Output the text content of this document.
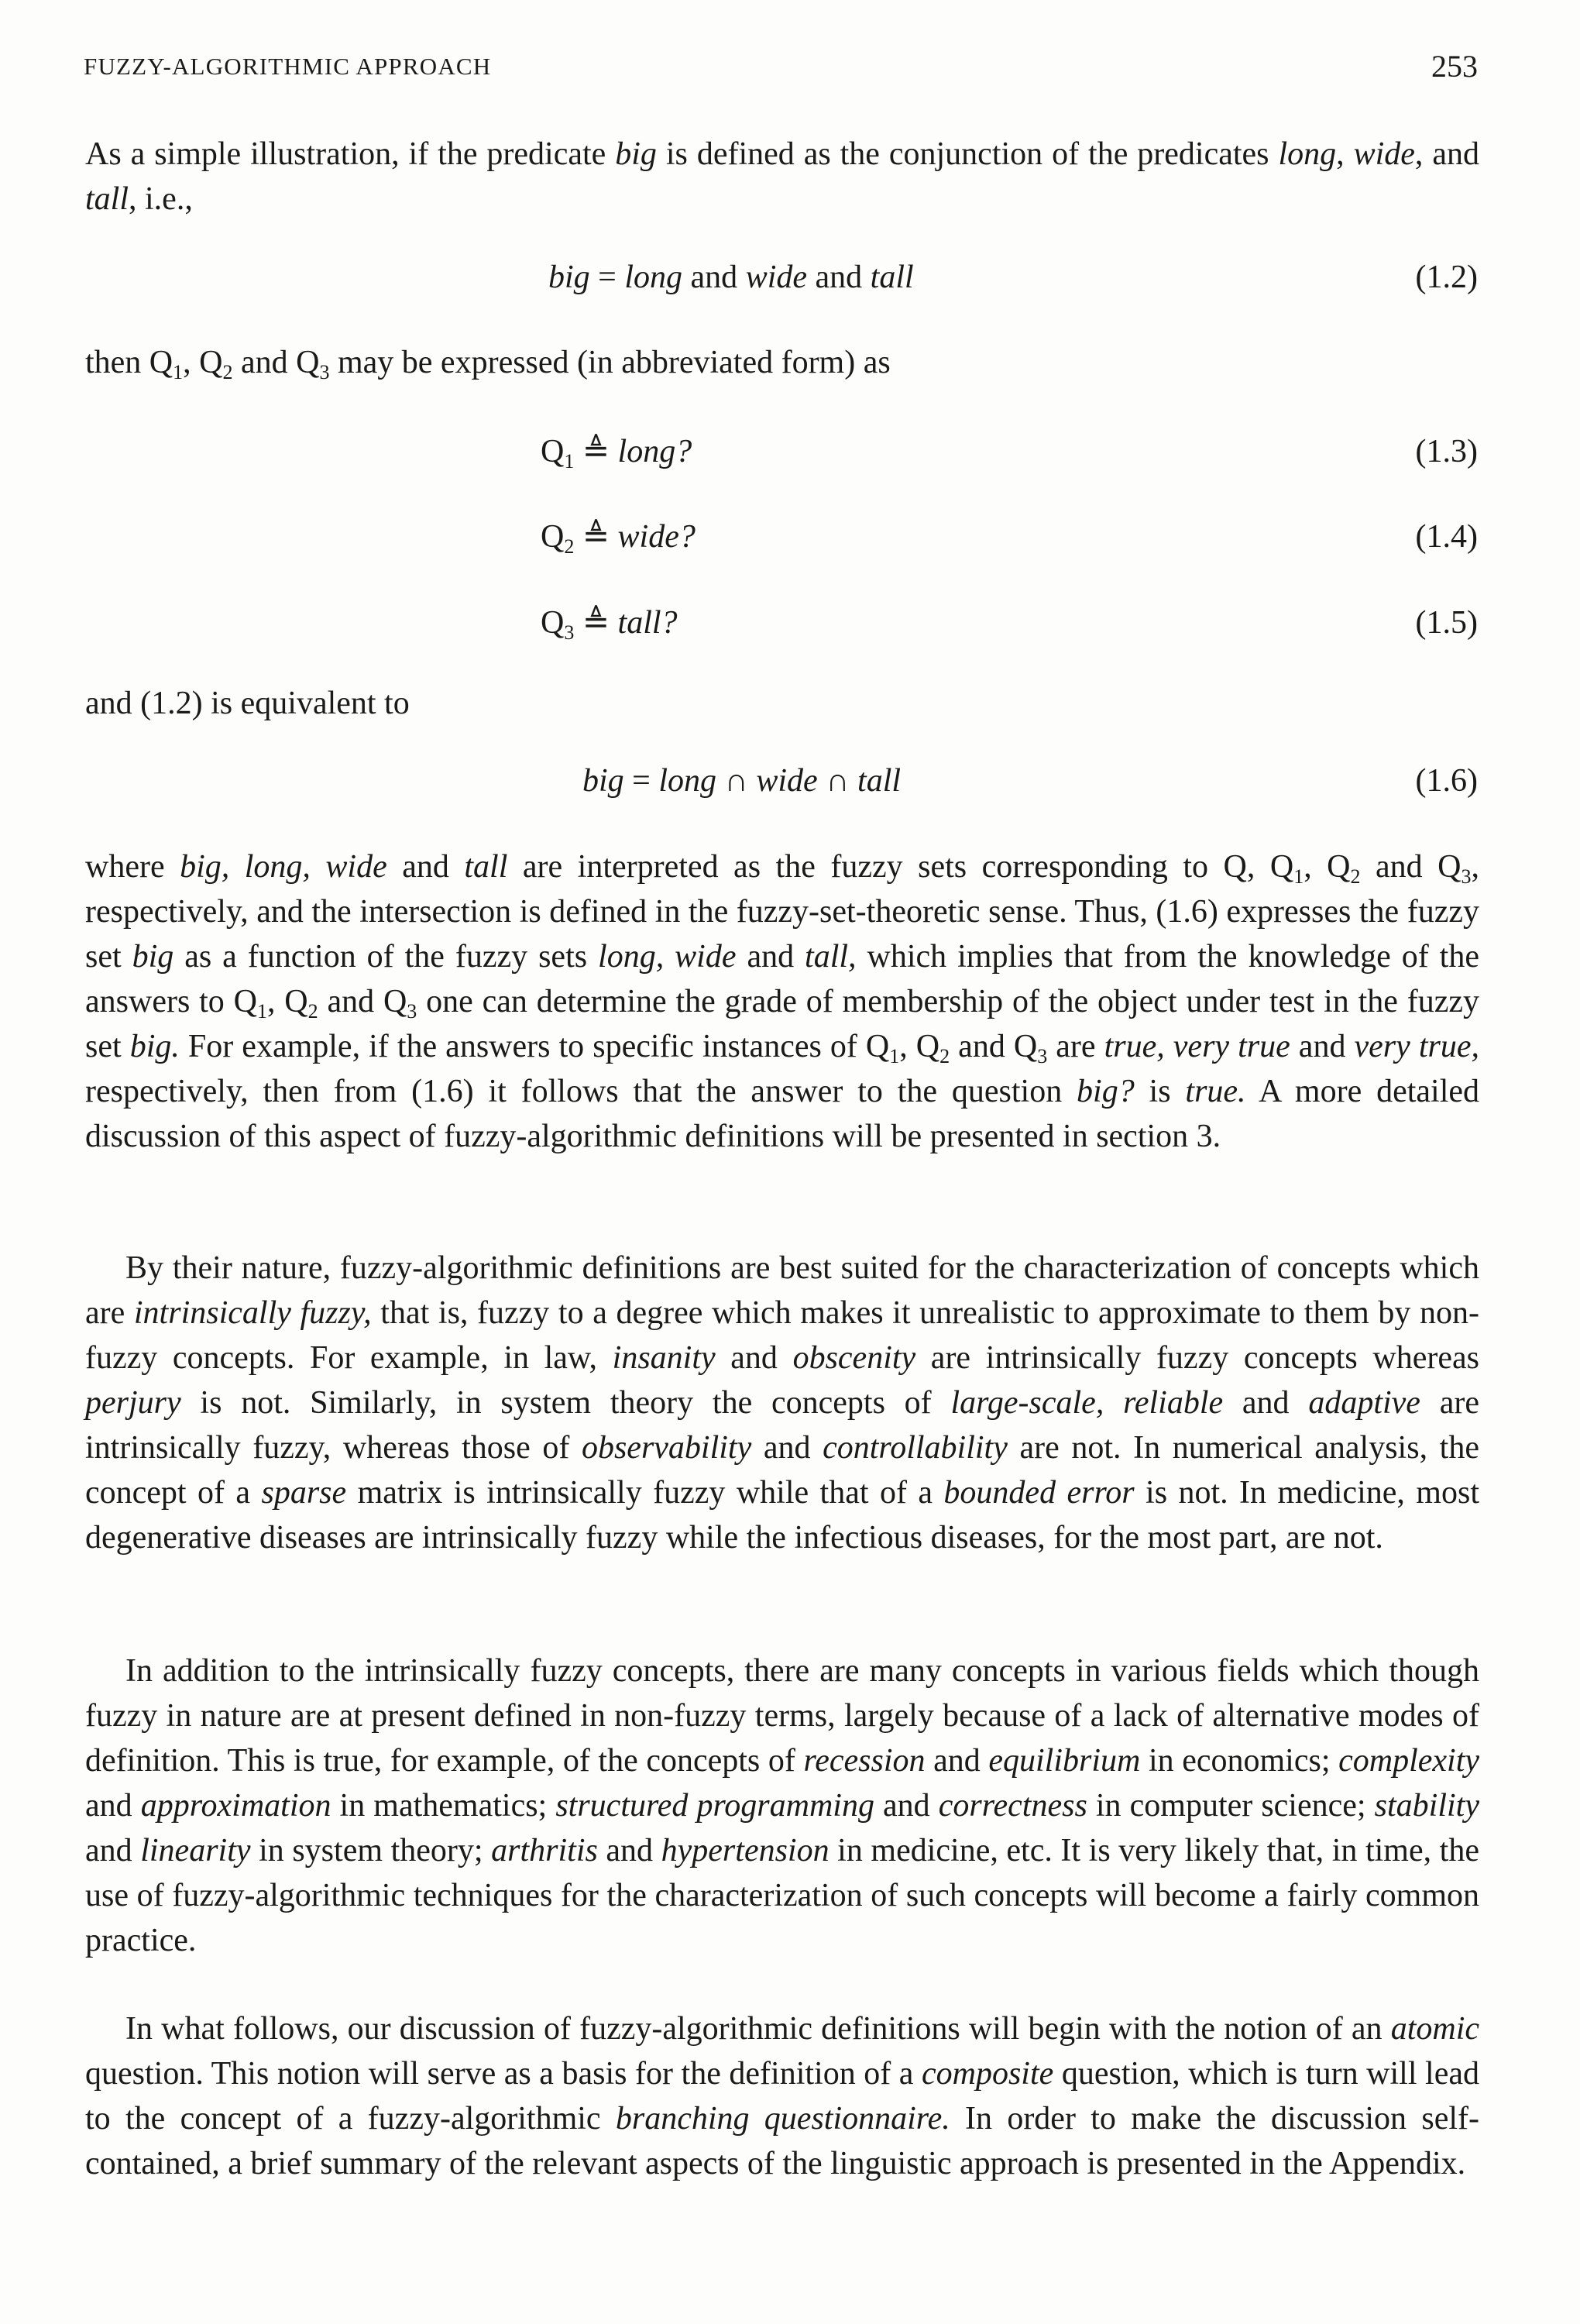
FUZZY-ALGORITHMIC APPROACH	253

As a simple illustration, if the predicate big is defined as the conjunction of the predicates long, wide, and tall, i.e.,

big = long and wide and tall	(1.2)
then $Q_1$, $Q_2$ and $Q_3$ may be expressed (in abbreviated form) as
$Q_1$ ≜ long?	(1.3)
$Q_2$ ≜ wide?	(1.4)
$Q_3$ ≜ tall?	(1.5)
and (1.2) is equivalent to
big = long ∩ wide ∩ tall	(1.6)

where big, long, wide and tall are interpreted as the fuzzy sets corresponding to Q, $Q_1$, $Q_2$ and $Q_3$, respectively, and the intersection is defined in the fuzzy-set-theoretic sense. Thus, (1.6) expresses the fuzzy set big as a function of the fuzzy sets long, wide and tall, which implies that from the knowledge of the answers to $Q_1$, $Q_2$ and $Q_3$ one can determine the grade of membership of the object under test in the fuzzy set big. For example, if the answers to specific instances of $Q_1$, $Q_2$ and $Q_3$ are true, very true and very true, respectively, then from (1.6) it follows that the answer to the question big? is true. A more detailed discussion of this aspect of fuzzy-algorithmic definitions will be presented in section 3.

By their nature, fuzzy-algorithmic definitions are best suited for the characterization of concepts which are intrinsically fuzzy, that is, fuzzy to a degree which makes it unrealistic to approximate to them by non-fuzzy concepts. For example, in law, insanity and obscenity are intrinsically fuzzy concepts whereas perjury is not. Similarly, in system theory the concepts of large-scale, reliable and adaptive are intrinsically fuzzy, whereas those of observability and controllability are not. In numerical analysis, the concept of a sparse matrix is intrinsically fuzzy while that of a bounded error is not. In medicine, most degenerative diseases are intrinsically fuzzy while the infectious diseases, for the most part, are not.

In addition to the intrinsically fuzzy concepts, there are many concepts in various fields which though fuzzy in nature are at present defined in non-fuzzy terms, largely because of a lack of alternative modes of definition. This is true, for example, of the concepts of recession and equilibrium in economics; complexity and approximation in mathematics; structured programming and correctness in computer science; stability and linearity in system theory; arthritis and hypertension in medicine, etc. It is very likely that, in time, the use of fuzzy-algorithmic techniques for the characterization of such concepts will become a fairly common practice.

In what follows, our discussion of fuzzy-algorithmic definitions will begin with the notion of an atomic question. This notion will serve as a basis for the definition of a composite question, which is turn will lead to the concept of a fuzzy-algorithmic branching questionnaire. In order to make the discussion self-contained, a brief summary of the relevant aspects of the linguistic approach is presented in the Appendix.
